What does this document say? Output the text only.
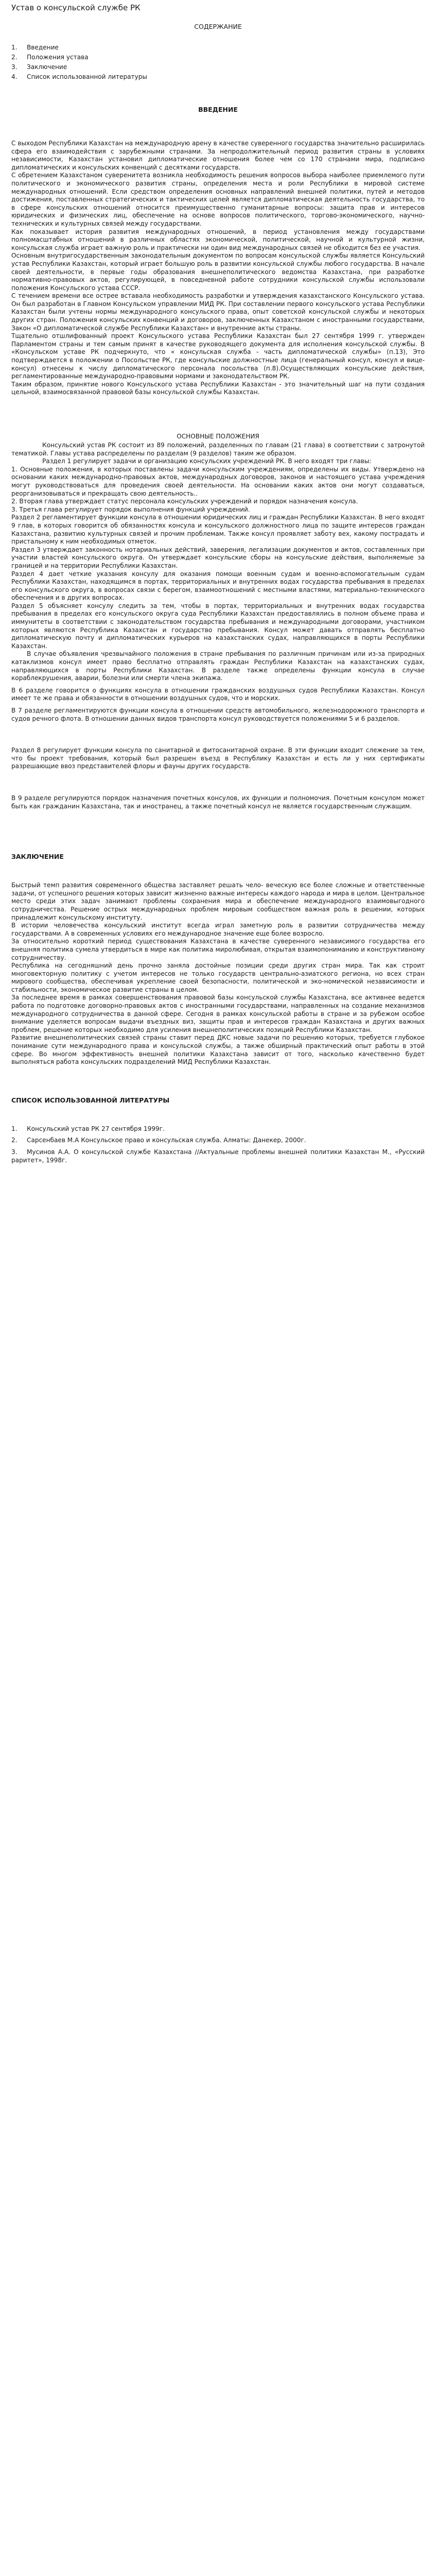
Устав о консульской службе РК
СОДЕРЖАНИЕ
1. Введение
2. Положения устава
3. Заключение
4. Список использованной литературы
ВВЕДЕНИЕ

С выходом Республики Казахстан на международную арену в качестве суверенного государства значительно расширилась сфера его взаимодействия с зарубежными странами. За непродолжительный период развития страны в условиях независимости, Казахстан установил дипломатические отношения более чем со 170 странами мира, подписано дипломатических и консульских конвенций с десятками государств.

С обретением Казахстаном суверенитета возникла необходимость решения вопросов выбора наиболее приемлемого пути политического и экономического развития страны, определения места и роли Республики в мировой системе международных отношений. Если средством определения основных направлений внешней политики, путей и методов достижения, поставленных стратегических и тактических целей является дипломатическая деятельность государства, то в сфере консульских отношений относится преимущественно гуманитарные вопросы: защита прав и интересов юридических и физических лиц, обеспечение на основе вопросов политического, торгово-экономического, научно-технических и культурных связей между государствами.

Как показывает история развития международных отношений, в период установления между государствами полномасштабных отношений в различных областях экономической, политической, научной и культурной жизни, консульская служба играет важную роль и практически ни один вид международных связей не обходится без ее участия.

Основным внутригосударственным законодательным документом по вопросам консульской службы является Консульский устав Республики Казахстан, который играет большую роль в развитии консульской службы любого государства. В начале своей деятельности, в первые годы образования внешнеполитического ведомства Казахстана, при разработке нормативно-правовых актов, регулирующей, в повседневной работе сотрудники консульской службы использовали положения Консульского устава СССР.

С течением времени все острее вставала необходимость разработки и утверждения казахстанского Консульского устава. Он был разработан в Главном Консульском управлении МИД РК. При составлении первого консульского устава Республики Казахстан были учтены нормы международного консульского права, опыт советской консульской службы и некоторых других стран. Положения консульских конвенций и договоров, заключенных Казахстаном с иностранными государствами, Закон «О дипломатической службе Республики Казахстан» и внутренние акты страны.

Тщательно отшлифованный проект Консульского устава Республики Казахстан был 27 сентября 1999 г. утвержден Парламентом страны и тем самым принят в качестве руководящего документа для исполнения консульской службы. В «Консульском уставе РК подчеркнуто, что « консульская служба - часть дипломатической службы» (п.13), Это подтверждается в положении о Посольстве РК, где консульские должностные лица (генеральный консул, консул и вице-консул) отнесены к числу дипломатического персонала посольства (п.8).Осуществляющих консульские действия, регламентированные международно-правовыми нормами и законодательством РК.

Таким образом, принятие нового Консульского устава Республики Казахстан - это значительный шаг на пути создания цельной, взаимосвязанной правовой базы консульской службы Казахстан.

ОСНОВНЫЕ ПОЛОЖЕНИЯ

Консульский устав РК состоит из 89 положений, разделенных по главам (21 глава) в соответствии с затронутой тематикой. Главы устава распределены по разделам (9 разделов) таким же образом.

Раздел 1 регулирует задачи и организацию консульских учреждений РК. В него входят три главы:

1. Основные положения, в которых поставлены задачи консульским учреждениям, определены их виды. Утверждено на основании каких международно-правовых актов, международных договоров, законов и настоящего устава учреждения могут руководствоваться для проведения своей деятельности. На основании каких актов они могут создаваться, реорганизовываться и прекращать свою деятельность..

2. Вторая глава утверждает статус персонала консульских учреждений и порядок назначения консула.

3. Третья глава регулирует порядок выполнения функций учреждений.

Раздел 2 регламентирует функции консула в отношении юридических лиц и граждан Республики Казахстан. В него входят 9 глав, в которых говорится об обязанностях консула и консульского должностного лица по защите интересов граждан Казахстана, развитию культурных связей и прочим проблемам. Также консул проявляет заботу вех, какому пострадать и пристальному к ним необходимых отметок.

Раздел 3 утверждает законность нотариальных действий, заверения, легализации документов и актов, составленных при участии властей консульского округа. Он утверждает консульские сборы на консульские действия, выполняемые за границей и на территории Республики Казахстан.

Раздел 4 дает четкие указания консулу для оказания помощи военным судам и военно-вспомогательным судам Республики Казахстан, находящимся в портах, территориальных и внутренних водах государства пребывания в пределах его консульского округа, в вопросах связи с берегом, взаимоотношений с местными властями, материально-технического обеспечения и в других вопросах.

Раздел 5 объясняет консулу следить за тем, чтобы в портах, территориальных и внутренних водах государства пребывания в пределах его консульского округа суда Республики Казахстан предоставлялись в полном объеме права и иммунитеты в соответствии с законодательством государства пребывания и международными договорами, участником которых являются Республика Казахстан и государство пребывания. Консул может давать отправлять бесплатно дипломатическую почту и дипломатических курьеров на казахстанских судах, направляющихся в порты Республики Казахстан.

В случае объявления чрезвычайного положения в стране пребывания по различным причинам или из-за природных катаклизмов консул имеет право бесплатно отправлять граждан Республики Казахстан на казахстанских судах, направляющихся в порты Республики Казахстан. В разделе также определены функции консула в случае кораблекрушения, аварии, болезни или смерти члена экипажа.

В 6 разделе говорится о функциях консула в отношении гражданских воздушных судов Республики Казахстан. Консул имеет те же права и обязанности в отношении воздушных судов, что и морских.

В 7 разделе регламентируются функции консула в отношении средств автомобильного, железнодорожного транспорта и судов речного флота. В отношении данных видов транспорта консул руководствуется положениями 5 и 6 разделов.

Раздел 8 регулирует функции консула по санитарной и фитосанитарной охране. В эти функции входит слежение за тем, что бы проект требования, который был разрешен въезд в Республику Казахстан и есть ли у них сертификаты разрешающие ввоз представителей флоры и фауны других государств.

В 9 разделе регулируются порядок назначения почетных консулов, их функции и полномочия. Почетным консулом может быть как гражданин Казахстана, так и иностранец, а также почетный консул не является государственным служащим.

ЗАКЛЮЧЕНИЕ

Быстрый темп развития современного общества заставляет решать чело- веческую все более сложные и ответственные задачи, от успешного решения которых зависит жизненно важные интересы каждого народа и мира в целом. Центральное место среди этих задач занимают проблемы сохранения мира и обеспечение международного взаимовыгодного сотрудничества. Решение острых международных проблем мировым сообществом важная роль в решении, которых принадлежит консульскому институту.

В истории человечества консульский институт всегда играл заметную роль в развитии сотрудничества между государствами. А в современных условиях его международное значение еще более возросло.

За относительно короткий период существования Казахстана в качестве суверенного независимого государства его внешняя политика сумела утвердиться в мире как политика миролюбивая, открытая взаимопониманию и конструктивному сотрудничеству.

Республика на сегодняшний день прочно заняла достойные позиции среди других стран мира. Так как строит многовекторную политику с учетом интересов не только государств центрально-азиатского региона, но всех стран мирового сообщества, обеспечивая укрепление своей безопасности, политической и эко-номической независимости и стабильности, экономическое развитие страны в целом.

За последнее время в рамках совершенствования правовой базы консульской службы Казахстана, все активнее ведется работа по подготовке договорно-правовых актов с иностранными государствами, направленных на создание механизмов международного сотрудничества в данной сфере. Сегодня в рамках консульской работы в стране и за рубежом особое внимание уделяется вопросам выдачи въездных виз, защиты прав и интересов граждан Казахстана и других важных проблем, решение которых необходимо для усиления внешнеполитических позиций Республики Казахстан.

Развитие внешнеполитических связей страны ставит перед ДКС новые задачи по решению которых, требуется глубокое понимание сути международного права и консульской службы, а также обширный практический опыт работы в этой сфере. Во многом эффективность внешней политики Казахстана зависит от того, насколько качественно будет выполняться работа консульских подразделений МИД Республики Казахстан.

СПИСОК ИСПОЛЬЗОВАННОЙ ЛИТЕРАТУРЫ
1. Консульский устав РК 27 сентября 1999г.
2. Сарсенбаев М.А Консульское право и консульская служба. Алматы: Данекер, 2000г.
3. Мусинов А.А. О консульской службе Казахстана //Актуальные проблемы внешней политики Казахстан М., «Русский раритет», 1998г.
